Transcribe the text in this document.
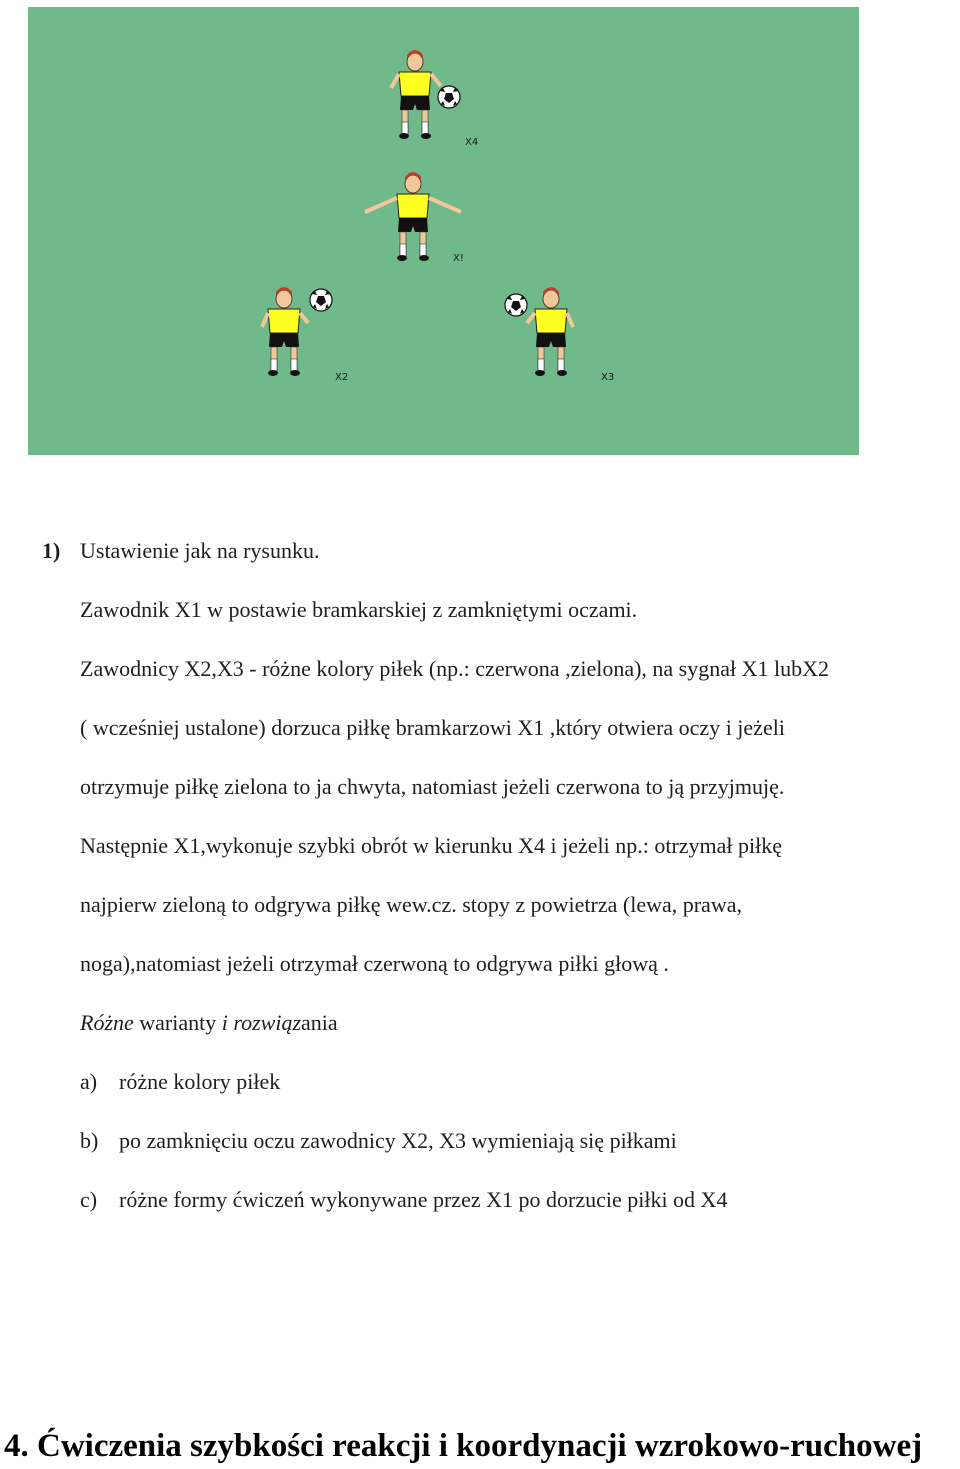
X4
X!
X2	X3
1) Ustawienie jak na rysunku.
Zawodnik X1 w postawie bramkarskiej z zamkniętymi oczami.
Zawodnicy X2,X3 - różne kolory piłek (np.: czerwona ,zielona), na sygnał X1 lubX2
( wcześniej ustalone) dorzuca piłkę bramkarzowi X1 ,który otwiera oczy i jeżeli
otrzymuje piłkę zielona to ja chwyta, natomiast jeżeli czerwona to ją przyjmuję.
Następnie X1,wykonuje szybki obrót w kierunku X4 i jeżeli np.: otrzymał piłkę
najpierw zieloną to odgrywa piłkę wew.cz. stopy z powietrza (lewa, prawa,
noga),natomiast jeżeli otrzymał czerwoną to odgrywa piłki głową .
Różne warianty i rozwiązania
a) różne kolory piłek
b) po zamknięciu oczu zawodnicy X2, X3 wymieniają się piłkami
c) różne formy ćwiczeń wykonywane przez X1 po dorzucie piłki od X4
4. Ćwiczenia szybkości reakcji i koordynacji wzrokowo-ruchowej
